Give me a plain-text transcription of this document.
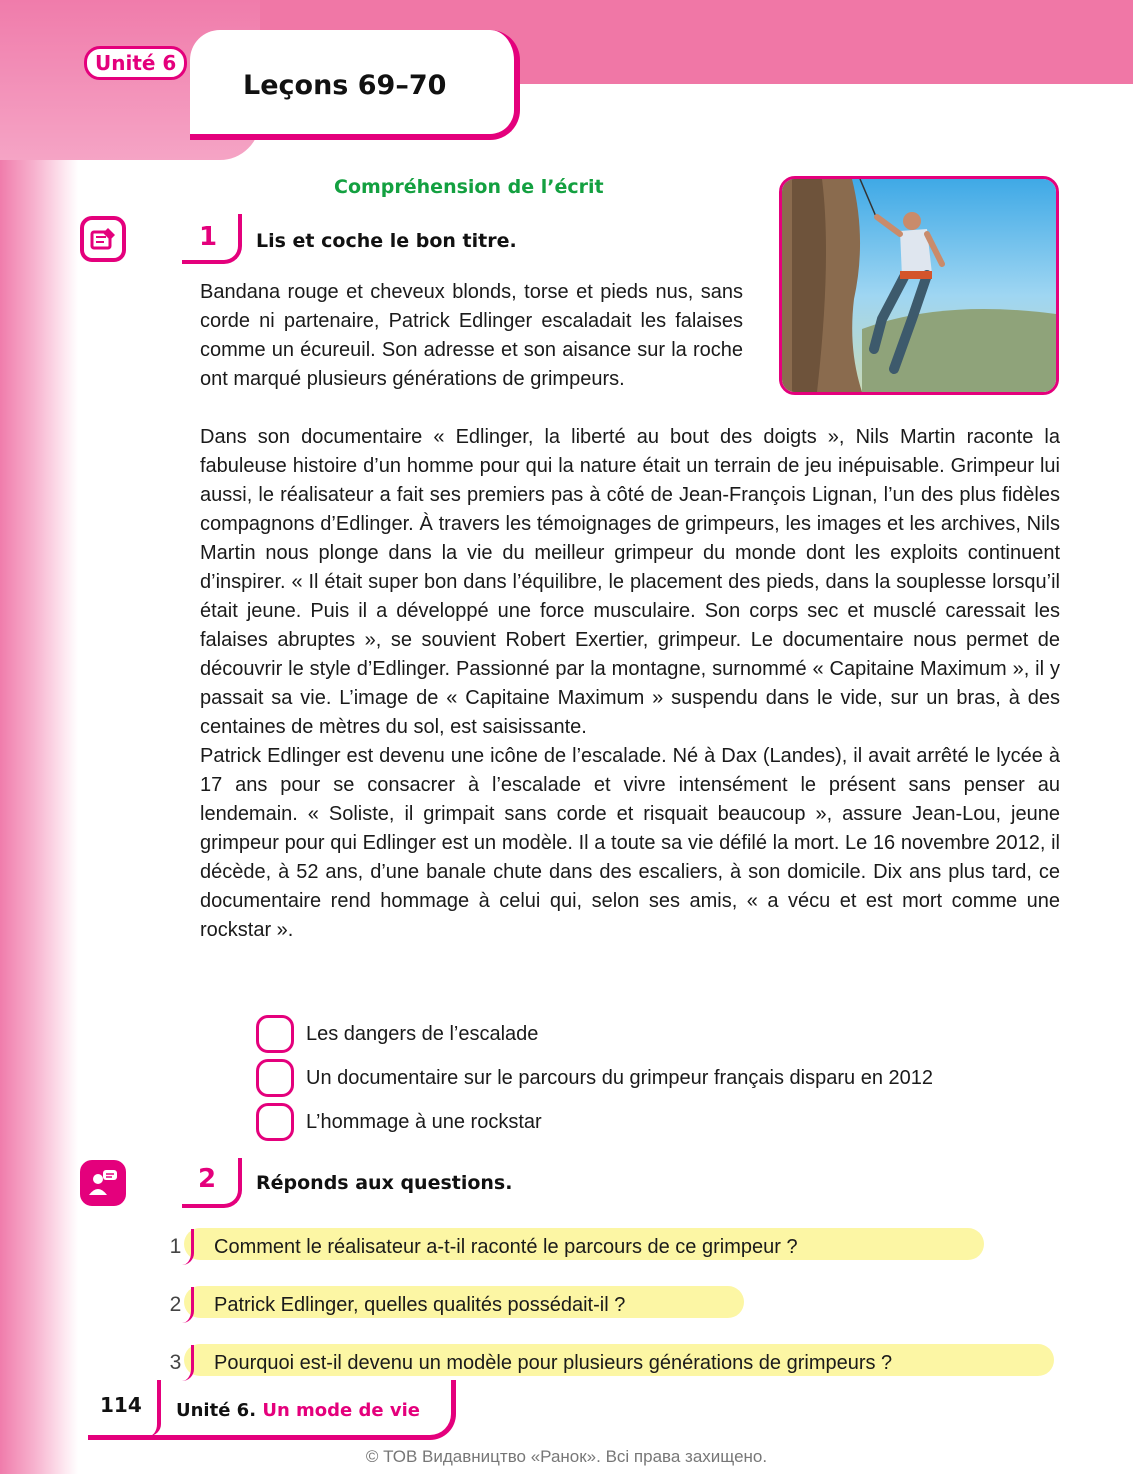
Unité 6
Leçons 69–70
Compréhension de l’écrit
1 Lis et coche le bon titre.
Bandana rouge et cheveux blonds, torse et pieds nus, sans corde ni partenaire, Patrick Edlinger escaladait les falaises comme un écureuil. Son adresse et son aisance sur la roche ont marqué plusieurs générations de grimpeurs.

Dans son documentaire « Edlinger, la liberté au bout des doigts », Nils Martin raconte la fabuleuse histoire d’un homme pour qui la nature était un terrain de jeu inépuisable. Grimpeur lui aussi, le réalisateur a fait ses premiers pas à côté de Jean-François Lignan, l’un des plus fidèles compagnons d’Edlinger. À travers les témoignages de grimpeurs, les images et les archives, Nils Martin nous plonge dans la vie du meilleur grimpeur du monde dont les exploits continuent d’inspirer. « Il était super bon dans l’équilibre, le placement des pieds, dans la souplesse lorsqu’il était jeune. Puis il a développé une force musculaire. Son corps sec et musclé caressait les falaises abruptes », se souvient Robert Exertier, grimpeur. Le documentaire nous permet de découvrir le style d’Edlinger. Passionné par la montagne, surnommé « Capitaine Maximum », il y passait sa vie. L’image de « Capitaine Maximum » suspendu dans le vide, sur un bras, à des centaines de mètres du sol, est saisissante.

Patrick Edlinger est devenu une icône de l’escalade. Né à Dax (Landes), il avait arrêté le lycée à 17 ans pour se consacrer à l’escalade et vivre intensément le présent sans penser au lendemain. « Soliste, il grimpait sans corde et risquait beaucoup », assure Jean-Lou, jeune grimpeur pour qui Edlinger est un modèle. Il a toute sa vie défilé la mort. Le 16 novembre 2012, il décède, à 52 ans, d’une banale chute dans des escaliers, à son domicile. Dix ans plus tard, ce documentaire rend hommage à celui qui, selon ses amis, « a vécu et est mort comme une rockstar ».

Les dangers de l’escalade
Un documentaire sur le parcours du grimpeur français disparu en 2012
L’hommage à une rockstar
2 Réponds aux questions.
1	Comment le réalisateur a-t-il raconté le parcours de ce grimpeur ?
2	Patrick Edlinger, quelles qualités possédait-il ?
3	Pourquoi est-il devenu un modèle pour plusieurs générations de grimpeurs ?
114 Unité 6. Un mode de vie
© ТОВ Видавництво «Ранок». Всі права захищено.
